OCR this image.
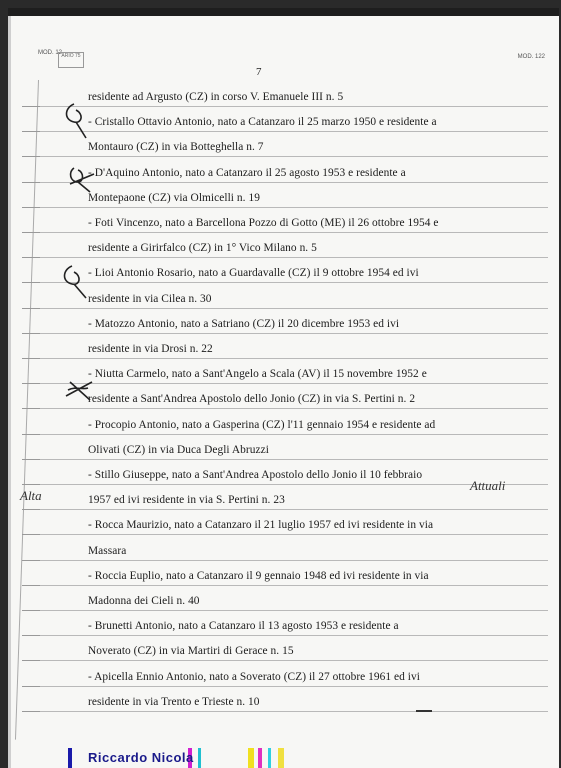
MOD. 12 ARIO 75	MOD. 122
7
residente ad Argusto (CZ) in corso V. Emanuele III n. 5
- Cristallo Ottavio Antonio, nato a Catanzaro il 25 marzo 1950 e residente a
Montauro (CZ) in via Botteghella n. 7
- D'Aquino Antonio, nato a Catanzaro il 25 agosto 1953 e residente a
Montepaone (CZ) via Olmicelli n. 19
- Foti Vincenzo, nato a Barcellona Pozzo di Gotto (ME) il 26 ottobre 1954 e
residente a Girirfalco (CZ) in 1° Vico Milano n. 5
- Lioi Antonio Rosario, nato a Guardavalle (CZ) il 9 ottobre 1954 ed ivi
residente in via Cilea n. 30
- Matozzo Antonio, nato a Satriano (CZ) il 20 dicembre 1953 ed ivi
residente in via Drosi n. 22
- Niutta Carmelo, nato a Sant'Angelo a Scala (AV) il 15 novembre 1952 e
residente a Sant'Andrea Apostolo dello Jonio (CZ) in via S. Pertini n. 2
- Procopio Antonio, nato a Gasperina (CZ) l'11 gennaio 1954 e residente ad
Olivati (CZ) in via Duca Degli Abruzzi
- Stillo Giuseppe, nato a Sant'Andrea Apostolo dello Jonio il 10 febbraio
1957 ed ivi residente in via S. Pertini n. 23
- Rocca Maurizio, nato a Catanzaro il 21 luglio 1957 ed ivi residente in via
Massara
- Roccia Euplio, nato a Catanzaro il 9 gennaio 1948 ed ivi residente in via
Madonna dei Cieli n. 40
- Brunetti Antonio, nato a Catanzaro il 13 agosto 1953 e residente a
Noverato (CZ) in via Martiri di Gerace n. 15
- Apicella Ennio Antonio, nato a Soverato (CZ) il 27 ottobre 1961 ed ivi
residente in via Trento e Trieste n. 10
Alta
Attuali
Riccardo Nicola
